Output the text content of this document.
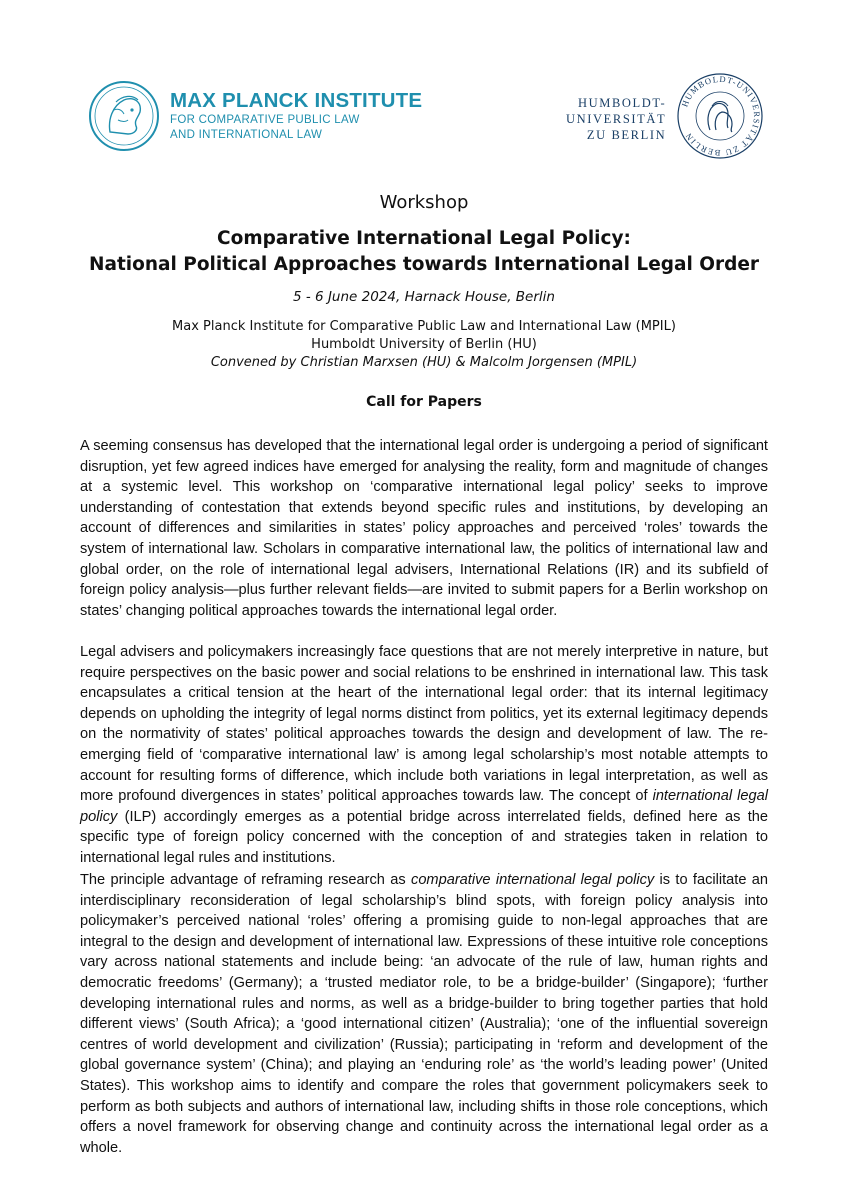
MAX PLANCK INSTITUTE
FOR COMPARATIVE PUBLIC LAW
AND INTERNATIONAL LAW
HUMBOLDT-
UNIVERSITÄT
ZU BERLIN
HUMBOLDT-UNIVERSITÄT ZU BERLIN
Workshop
Comparative International Legal Policy:
National Political Approaches towards International Legal Order
5 - 6 June 2024, Harnack House, Berlin
Max Planck Institute for Comparative Public Law and International Law (MPIL)
Humboldt University of Berlin (HU)
Convened by Christian Marxsen (HU) & Malcolm Jorgensen (MPIL)
Call for Papers

A seeming consensus has developed that the international legal order is undergoing a period of significant disruption, yet few agreed indices have emerged for analysing the reality, form and magnitude of changes at a systemic level. This workshop on ‘comparative international legal policy’ seeks to improve understanding of contestation that extends beyond specific rules and institutions, by developing an account of differences and similarities in states’ policy approaches and perceived ‘roles’ towards the system of international law. Scholars in comparative international law, the politics of international law and global order, on the role of international legal advisers, International Relations (IR) and its subfield of foreign policy analysis—plus further relevant fields—are invited to submit papers for a Berlin workshop on states’ changing political approaches towards the international legal order.

Legal advisers and policymakers increasingly face questions that are not merely interpretive in nature, but require perspectives on the basic power and social relations to be enshrined in international law. This task encapsulates a critical tension at the heart of the international legal order: that its internal legitimacy depends on upholding the integrity of legal norms distinct from politics, yet its external legitimacy depends on the normativity of states’ political approaches towards the design and development of law. The re-emerging field of ‘comparative international law’ is among legal scholarship’s most notable attempts to account for resulting forms of difference, which include both variations in legal interpretation, as well as more profound divergences in states’ political approaches towards law. The concept of international legal policy (ILP) accordingly emerges as a potential bridge across interrelated fields, defined here as the specific type of foreign policy concerned with the conception of and strategies taken in relation to international legal rules and institutions.

The principle advantage of reframing research as comparative international legal policy is to facilitate an interdisciplinary reconsideration of legal scholarship’s blind spots, with foreign policy analysis into policymaker’s perceived national ‘roles’ offering a promising guide to non-legal approaches that are integral to the design and development of international law. Expressions of these intuitive role conceptions vary across national statements and include being: ‘an advocate of the rule of law, human rights and democratic freedoms’ (Germany); a ‘trusted mediator role, to be a bridge-builder’ (Singapore); ‘further developing international rules and norms, as well as a bridge-builder to bring together parties that hold different views’ (South Africa); a ‘good international citizen’ (Australia); ‘one of the influential sovereign centres of world development and civilization’ (Russia); participating in ‘reform and development of the global governance system’ (China); and playing an ‘enduring role’ as ‘the world’s leading power’ (United States). This workshop aims to identify and compare the roles that government policymakers seek to perform as both subjects and authors of international law, including shifts in those role conceptions, which offers a novel framework for observing change and continuity across the international legal order as a whole.
